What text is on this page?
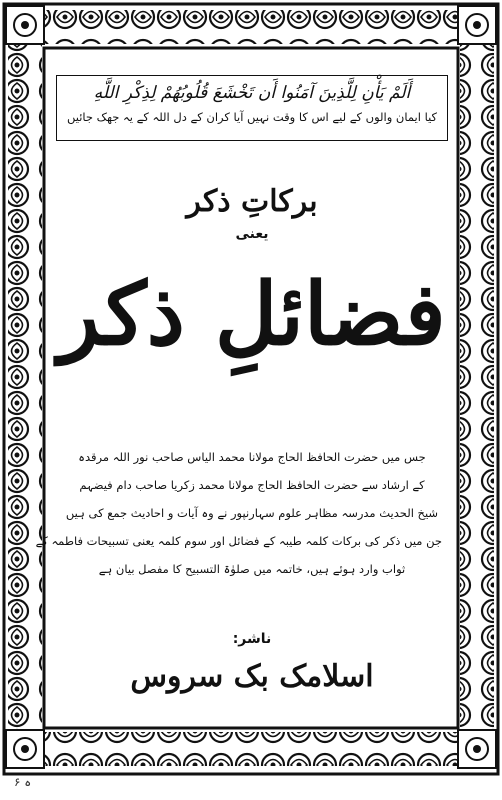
أَلَمْ يَأْنِ لِلَّذِينَ آمَنُوا أَن تَخْشَعَ قُلُوبُهُمْ لِذِكْرِ اللَّهِ
کیا ایمان والوں کے لیے اس کا وقت نہیں آیا کران کے دل اللہ کے یہ جھک جائیں
برکاتِ ذکر
یعنی
فضائلِ ذکر

جس میں حضرت الحافظ الحاج مولانا محمد الیاس صاحب نور اللہ مرقدہ

کے ارشاد سے حضرت الحافظ الحاج مولانا محمد زکریا صاحب دام فیضہم

شیخ الحدیث مدرسہ مظاہر علوم سہارنپور نے وہ آیات و احادیث جمع کی ہیں

جن میں ذکر کی برکات کلمہ طیبہ کے فضائل اور سوم کلمہ یعنی تسبیحات فاطمہ کے

ثواب وارد ہوئے ہیں، خاتمہ میں صلوٰۃ التسبیح کا مفصل بیان ہے

ناشر:
اسلامک بک سروس
ہ ۶
